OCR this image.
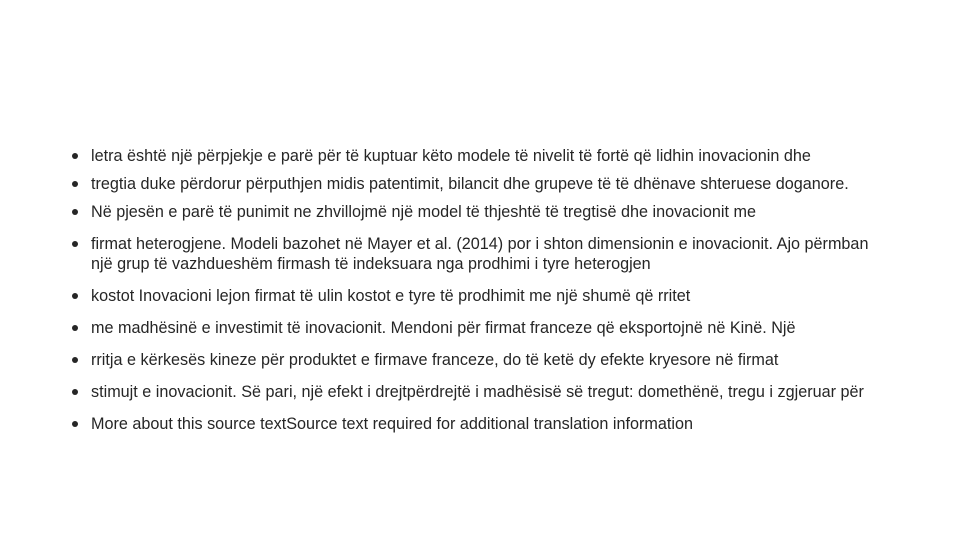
letra është një përpjekje e parë për të kuptuar këto modele të nivelit të fortë që lidhin inovacionin dhe
tregtia duke përdorur përputhjen midis patentimit, bilancit dhe grupeve të të dhënave shteruese doganore.
Në pjesën e parë të punimit ne zhvillojmë një model të thjeshtë të tregtisë dhe inovacionit me
firmat heterogjene. Modeli bazohet në Mayer et al. (2014) por i shton dimensionin e inovacionit. Ajo përmban një grup të vazhdueshëm firmash të indeksuara nga prodhimi i tyre heterogjen
kostot Inovacioni lejon firmat të ulin kostot e tyre të prodhimit me një shumë që rritet
me madhësinë e investimit të inovacionit. Mendoni për firmat franceze që eksportojnë në Kinë. Një
rritja e kërkesës kineze për produktet e firmave franceze, do të ketë dy efekte kryesore në firmat
stimujt e inovacionit. Së pari, një efekt i drejtpërdrejtë i madhësisë së tregut: domethënë, tregu i zgjeruar për
More about this source textSource text required for additional translation information
